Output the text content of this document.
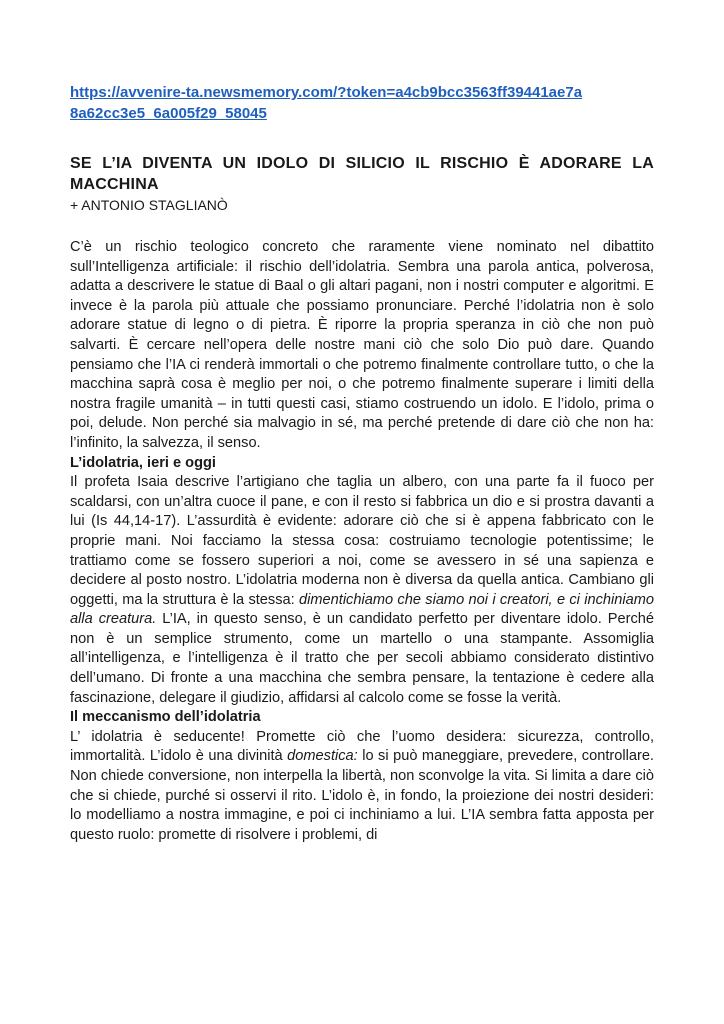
https://avvenire-ta.newsmemory.com/?token=a4cb9bcc3563ff39441ae7a8a62cc3e5_6a005f29_58045
SE L’IA DIVENTA UN IDOLO DI SILICIO IL RISCHIO È ADORARE LA MACCHINA
+ ANTONIO STAGLIANÒ

C’è un rischio teologico concreto che raramente viene nominato nel dibattito sull’Intelligenza artificiale: il rischio dell’idolatria. Sembra una parola antica, polverosa, adatta a descrivere le statue di Baal o gli altari pagani, non i nostri computer e algoritmi. E invece è la parola più attuale che possiamo pronunciare. Perché l’idolatria non è solo adorare statue di legno o di pietra. È riporre la propria speranza in ciò che non può salvarti. È cercare nell’opera delle nostre mani ciò che solo Dio può dare. Quando pensiamo che l’IA ci renderà immortali o che potremo finalmente controllare tutto, o che la macchina saprà cosa è meglio per noi, o che potremo finalmente superare i limiti della nostra fragile umanità – in tutti questi casi, stiamo costruendo un idolo. E l’idolo, prima o poi, delude. Non perché sia malvagio in sé, ma perché pretende di dare ciò che non ha: l’infinito, la salvezza, il senso.

L’idolatria, ieri e oggi

Il profeta Isaia descrive l’artigiano che taglia un albero, con una parte fa il fuoco per scaldarsi, con un’altra cuoce il pane, e con il resto si fabbrica un dio e si prostra davanti a lui (Is 44,14-17). L’assurdità è evidente: adorare ciò che si è appena fabbricato con le proprie mani. Noi facciamo la stessa cosa: costruiamo tecnologie potentissime; le trattiamo come se fossero superiori a noi, come se avessero in sé una sapienza e decidere al posto nostro. L’idolatria moderna non è diversa da quella antica. Cambiano gli oggetti, ma la struttura è la stessa: dimentichiamo che siamo noi i creatori, e ci inchiniamo alla creatura. L’IA, in questo senso, è un candidato perfetto per diventare idolo. Perché non è un semplice strumento, come un martello o una stampante. Assomiglia all’intelligenza, e l’intelligenza è il tratto che per secoli abbiamo considerato distintivo dell’umano. Di fronte a una macchina che sembra pensare, la tentazione è cedere alla fascinazione, delegare il giudizio, affidarsi al calcolo come se fosse la verità.

Il meccanismo dell’idolatria

L’ idolatria è seducente! Promette ciò che l’uomo desidera: sicurezza, controllo, immortalità. L’idolo è una divinità domestica: lo si può maneggiare, prevedere, controllare. Non chiede conversione, non interpella la libertà, non sconvolge la vita. Si limita a dare ciò che si chiede, purché si osservi il rito. L’idolo è, in fondo, la proiezione dei nostri desideri: lo modelliamo a nostra immagine, e poi ci inchiniamo a lui. L’IA sembra fatta apposta per questo ruolo: promette di risolvere i problemi, di
